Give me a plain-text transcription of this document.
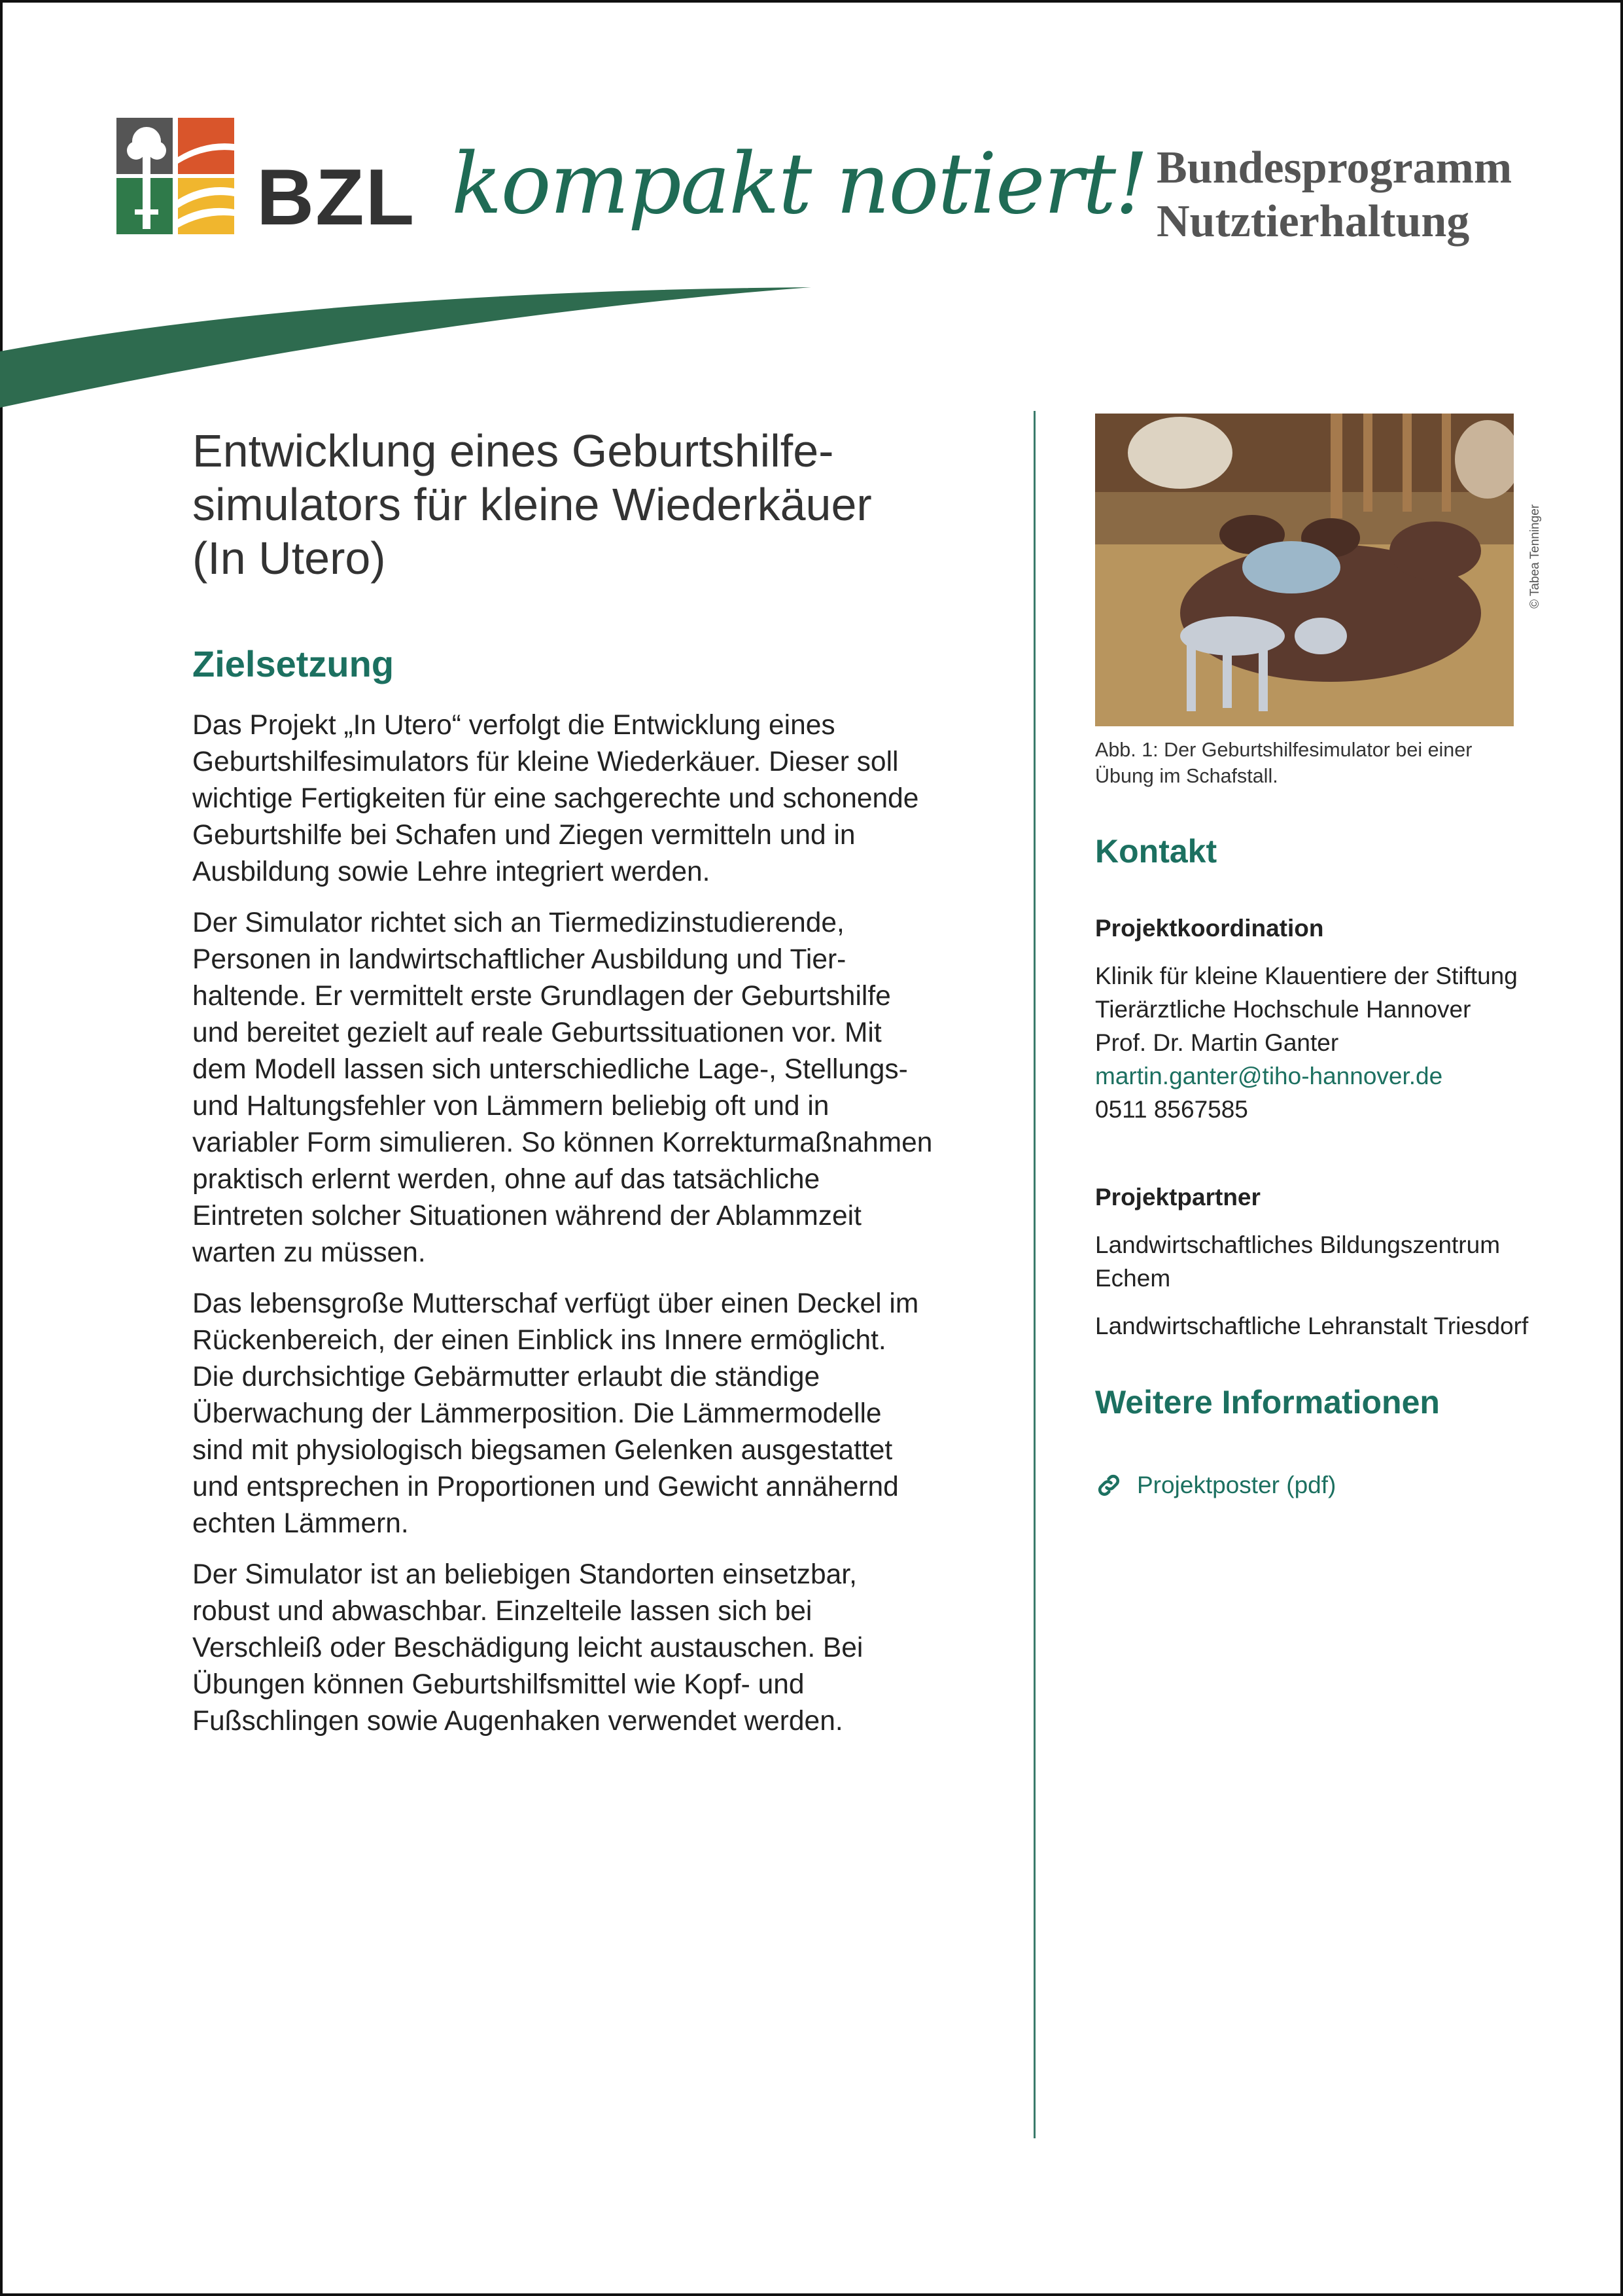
BZL kompakt notiert! Bundesprogramm
Nutztierhaltung
Entwicklung eines Geburtshilfe-
simulators für kleine Wiederkäuer
(In Utero)
Zielsetzung

Das Projekt „In Utero“ verfolgt die Entwicklung eines
Geburtshilfesimulators für kleine Wiederkäuer. Dieser soll
wichtige Fertigkeiten für eine sachgerechte und schonende
Geburtshilfe bei Schafen und Ziegen vermitteln und in
Ausbildung sowie Lehre integriert werden.

Der Simulator richtet sich an Tiermedizinstudierende,
Personen in landwirtschaftlicher Ausbildung und Tier-
haltende. Er vermittelt erste Grundlagen der Geburtshilfe
und bereitet gezielt auf reale Geburtssituationen vor. Mit
dem Modell lassen sich unterschiedliche Lage-, Stellungs-
und Haltungsfehler von Lämmern beliebig oft und in
variabler Form simulieren. So können Korrekturmaßnahmen
praktisch erlernt werden, ohne auf das tatsächliche
Eintreten solcher Situationen während der Ablammzeit
warten zu müssen.

Das lebensgroße Mutterschaf verfügt über einen Deckel im
Rückenbereich, der einen Einblick ins Innere ermöglicht.
Die durchsichtige Gebärmutter erlaubt die ständige
Überwachung der Lämmerposition. Die Lämmermodelle
sind mit physiologisch biegsamen Gelenken ausgestattet
und entsprechen in Proportionen und Gewicht annähernd
echten Lämmern.

Der Simulator ist an beliebigen Standorten einsetzbar,
robust und abwaschbar. Einzelteile lassen sich bei
Verschleiß oder Beschädigung leicht austauschen. Bei
Übungen können Geburtshilfsmittel wie Kopf- und
Fußschlingen sowie Augenhaken verwendet werden.

Abb. 1: Der Geburtshilfesimulator bei einer
Übung im Schafstall.

Kontakt
Projektkoordination

Klinik für kleine Klauentiere der Stiftung
Tierärztliche Hochschule Hannover
Prof. Dr. Martin Ganter
martin.ganter@tiho-hannover.de
0511 8567585

Projektpartner

Landwirtschaftliches Bildungszentrum
Echem

Landwirtschaftliche Lehranstalt Triesdorf

Weitere Informationen
Projektposter (pdf)
© Tabea Tenninger
